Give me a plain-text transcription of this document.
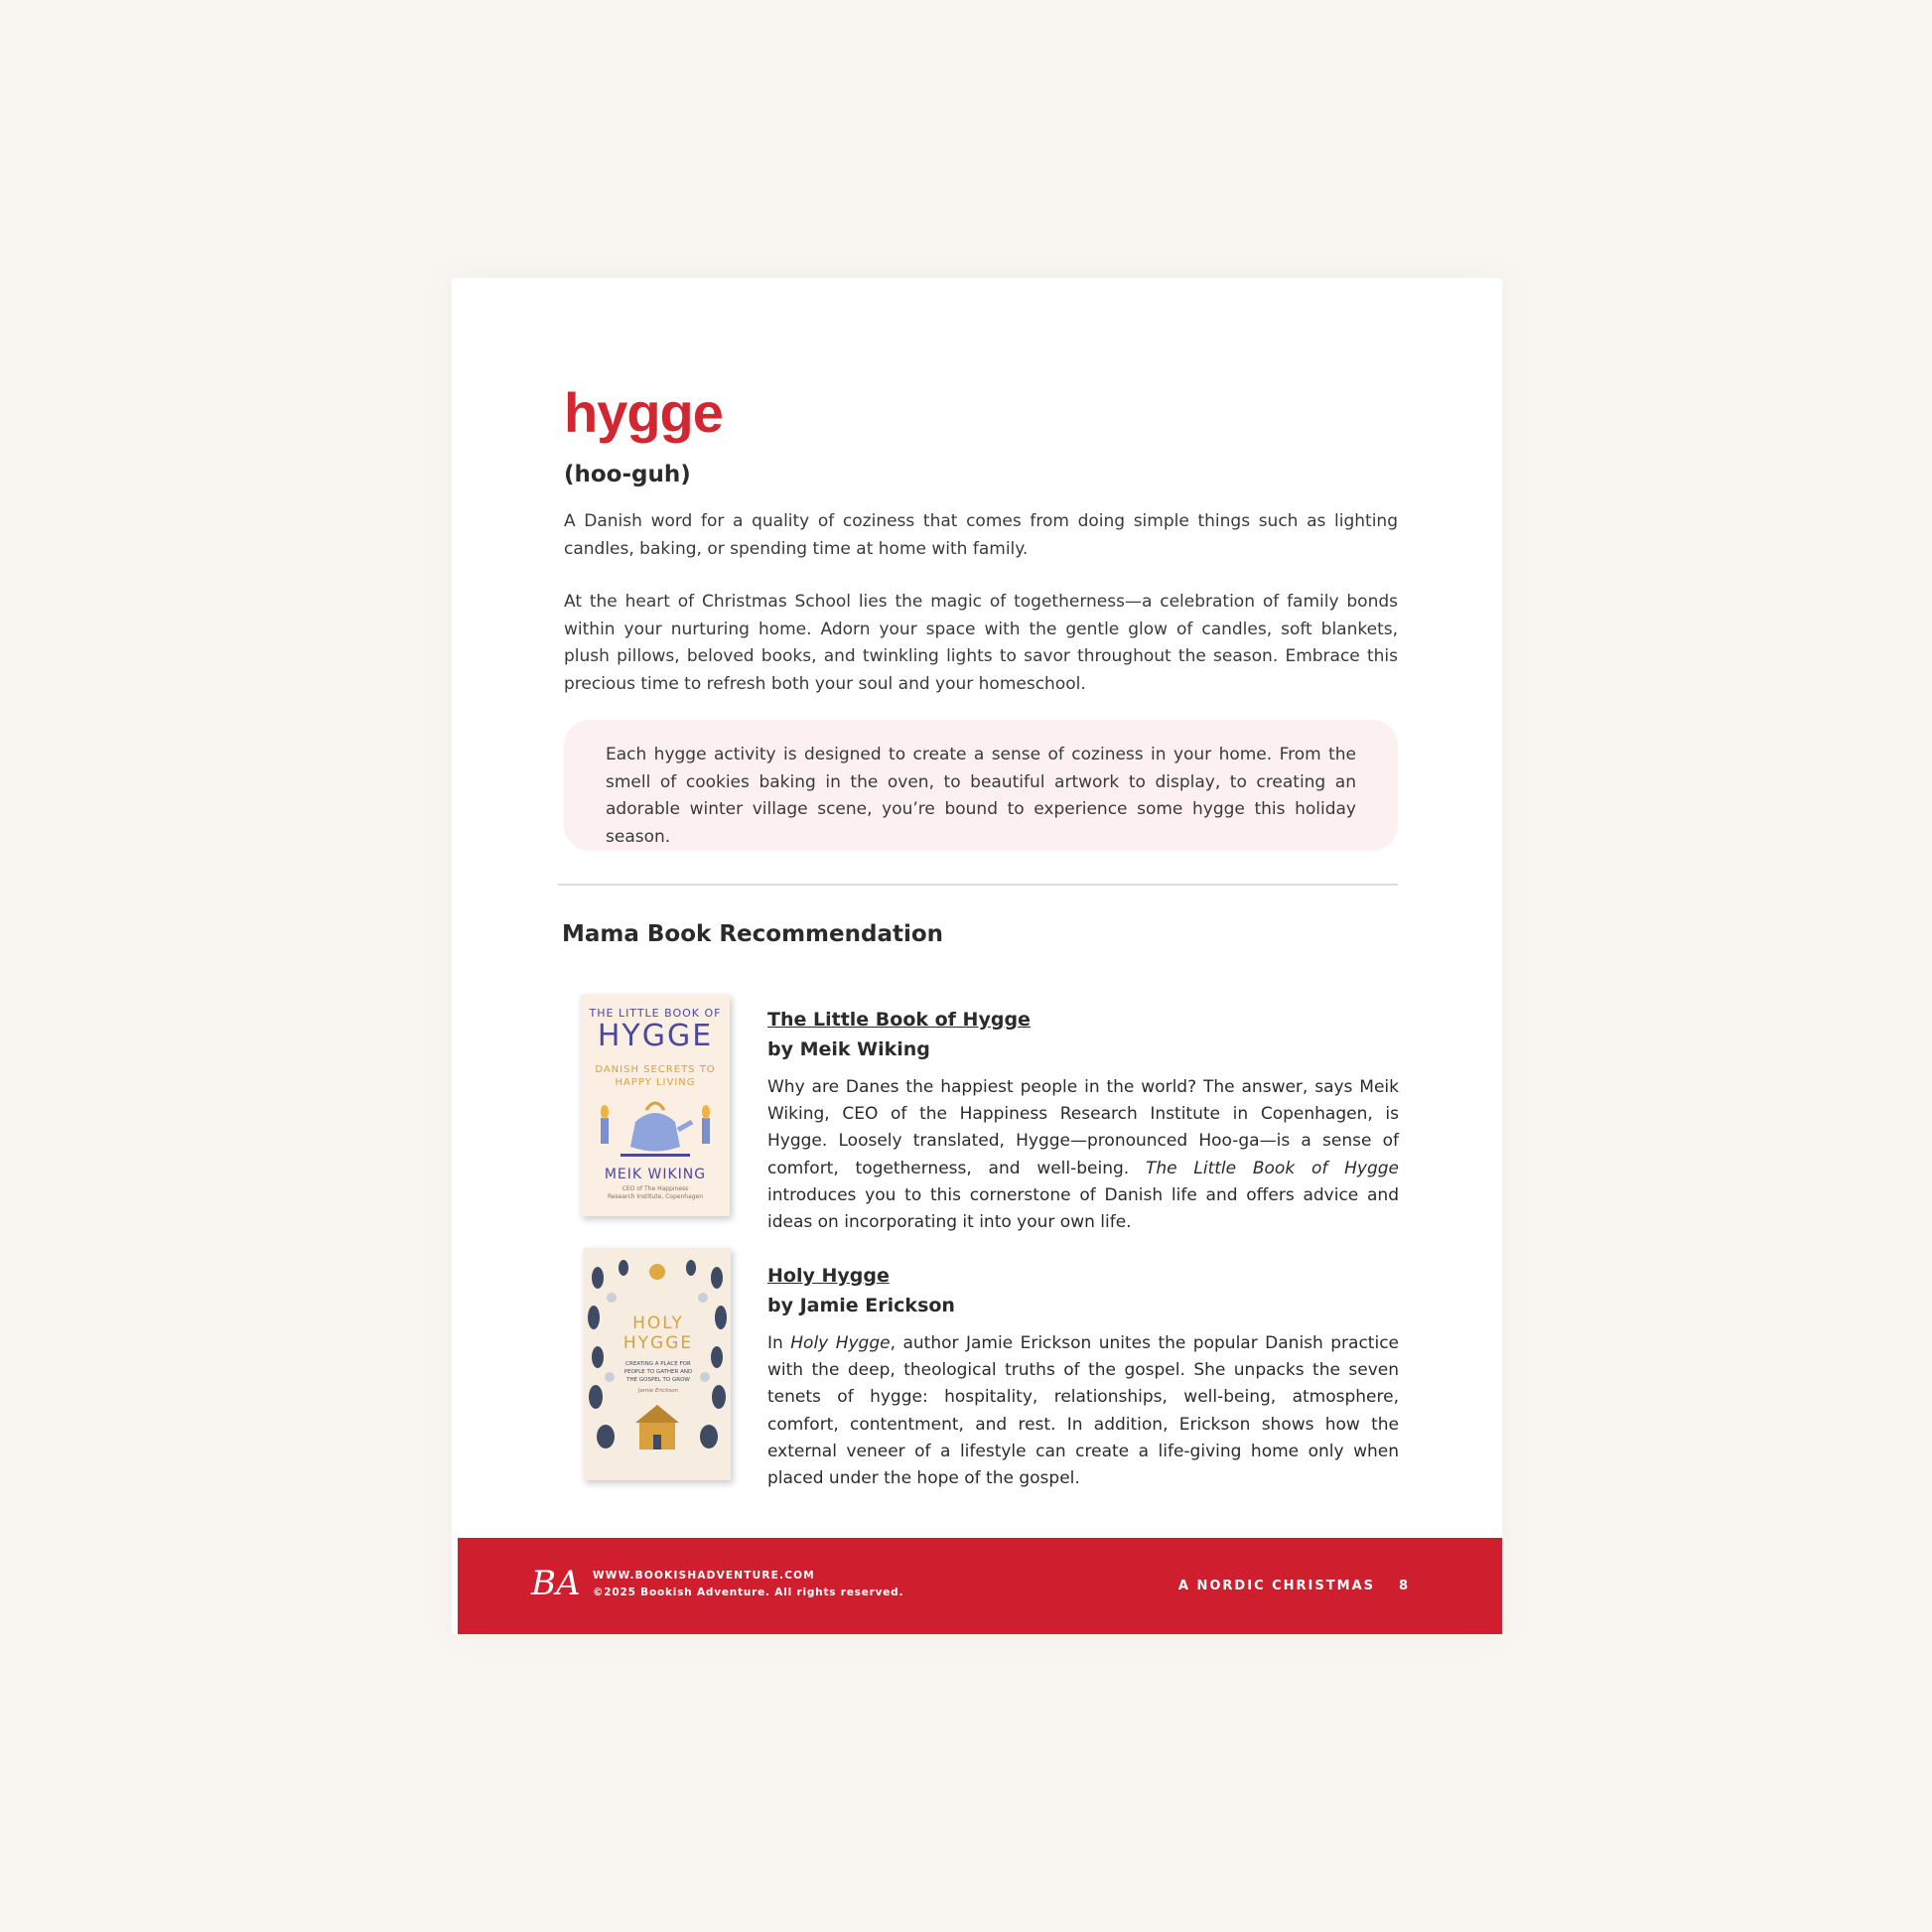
hygge
(hoo-guh)

A Danish word for a quality of coziness that comes from doing simple things such as lighting candles, baking, or spending time at home with family.

At the heart of Christmas School lies the magic of togetherness—a celebration of family bonds within your nurturing home. Adorn your space with the gentle glow of candles, soft blankets, plush pillows, beloved books, and twinkling lights to savor throughout the season. Embrace this precious time to refresh both your soul and your homeschool.

Each hygge activity is designed to create a sense of coziness in your home. From the smell of cookies baking in the oven, to beautiful artwork to display, to creating an adorable winter village scene, you’re bound to experience some hygge this holiday season.

Mama Book Recommendation
THE LITTLE BOOK OF
HYGGE
DANISH SECRETS TO
HAPPY LIVING
MEIK WIKING
CEO of The Happiness
Research Institute, Copenhagen

The Little Book of Hygge

by Meik Wiking

Why are Danes the happiest people in the world? The answer, says Meik Wiking, CEO of the Happiness Research Institute in Copenhagen, is Hygge. Loosely translated, Hygge—pronounced Hoo-ga—is a sense of comfort, togetherness, and well-being. The Little Book of Hygge introduces you to this cornerstone of Danish life and offers advice and ideas on incorporating it into your own life.

HOLY
HYGGE
CREATING A PLACE FOR
PEOPLE TO GATHER AND
THE GOSPEL TO GROW
Jamie Erickson

Holy Hygge

by Jamie Erickson

In Holy Hygge, author Jamie Erickson unites the popular Danish practice with the deep, theological truths of the gospel. She unpacks the seven tenets of hygge: hospitality, relationships, well-being, atmosphere, comfort, contentment, and rest. In addition, Erickson shows how the external veneer of a lifestyle can create a life-giving home only when placed under the hope of the gospel.

BA WWW.BOOKISHADVENTURE.COM
©2025 Bookish Adventure. All rights reserved.	A NORDIC CHRISTMAS 8
